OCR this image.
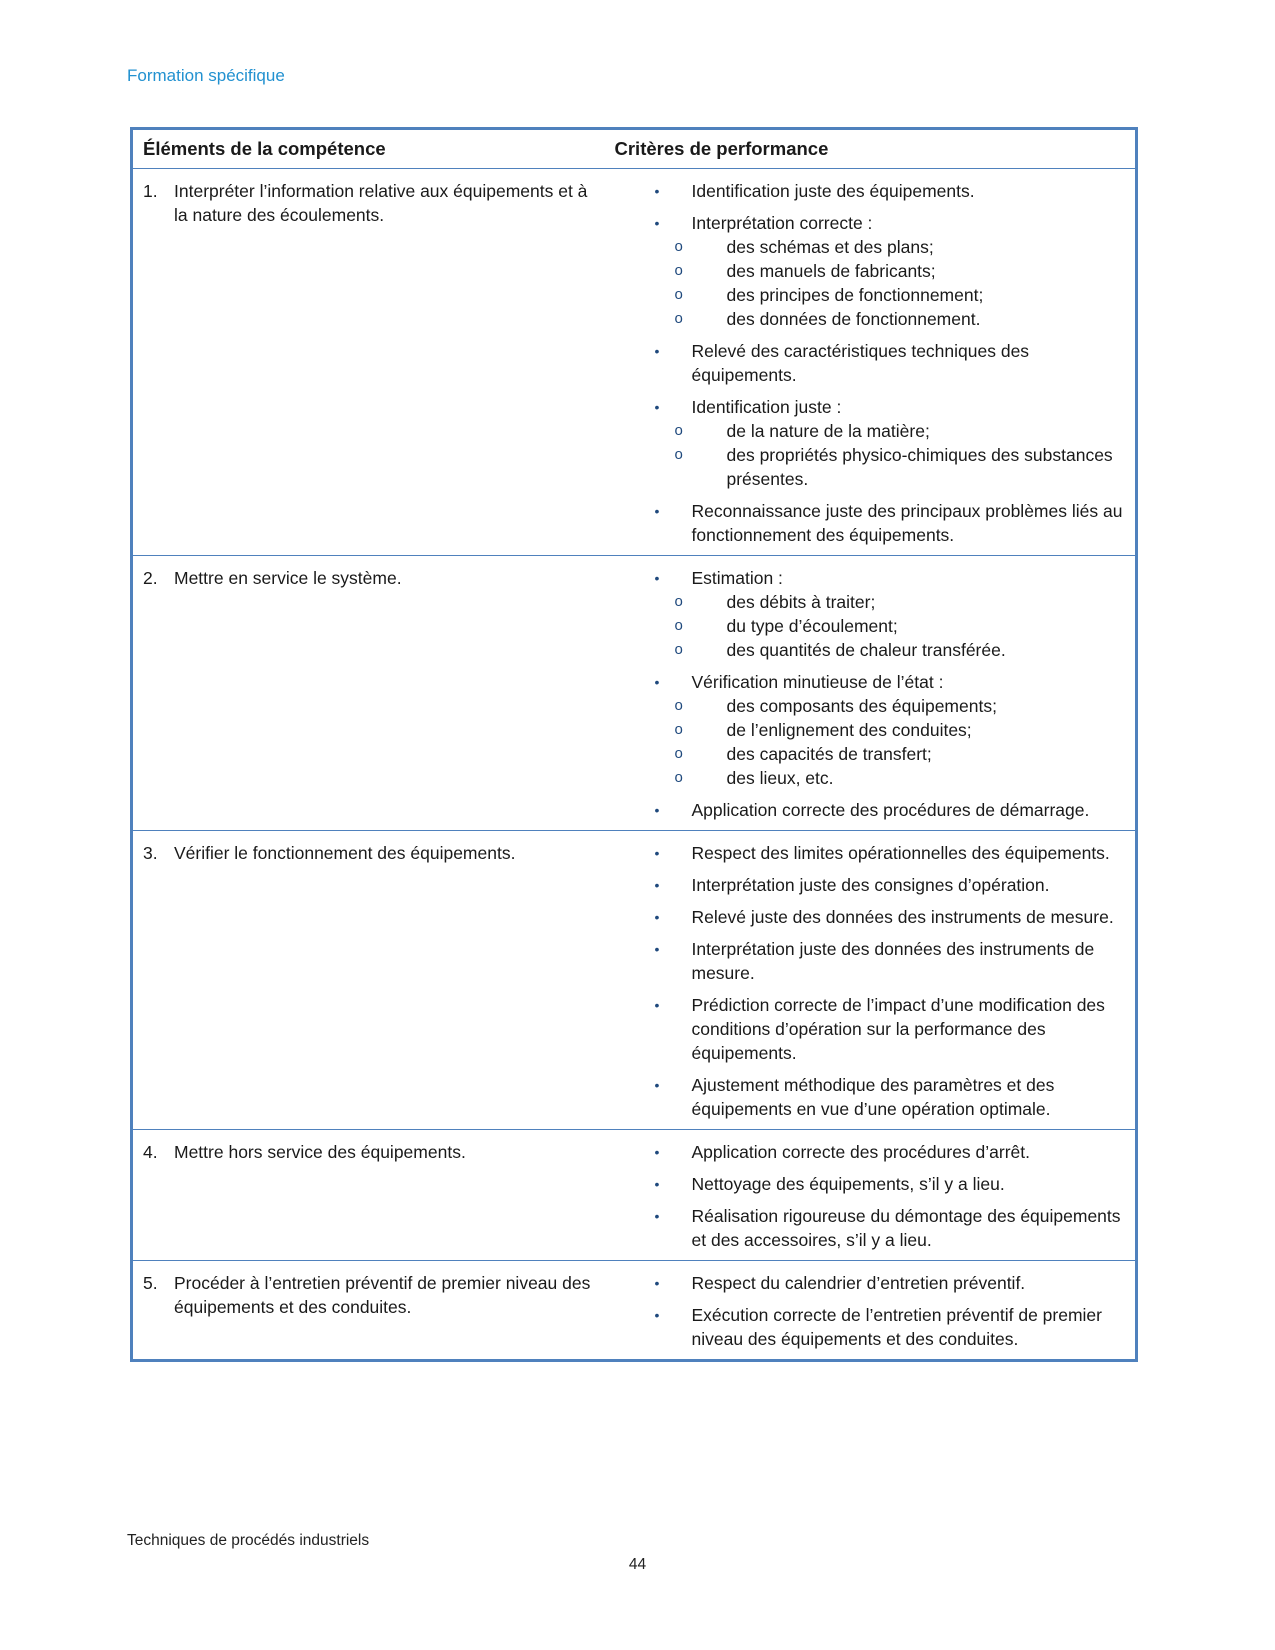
Formation spécifique
Éléments de la compétence	Critères de performance

1. Interpréter l’information relative aux équipements et à la nature des écoulements.

•	Identification juste des équipements.
•	Interprétation correcte :
o	des schémas et des plans;
o	des manuels de fabricants;
o	des principes de fonctionnement;
o	des données de fonctionnement.
•	Relevé des caractéristiques techniques des équipements.
•	Identification juste :
o	de la nature de la matière;
o	des propriétés physico-chimiques des substances présentes.
•	Reconnaissance juste des principaux problèmes liés au fonctionnement des équipements.

2. Mettre en service le système.	•	Estimation :
o	des débits à traiter;
o	du type d’écoulement;
o	des quantités de chaleur transférée.
•	Vérification minutieuse de l’état :
o	des composants des équipements;
o	de l’enlignement des conduites;
o	des capacités de transfert;
o	des lieux, etc.
•	Application correcte des procédures de démarrage.

3. Vérifier le fonctionnement des équipements.	•	Respect des limites opérationnelles des équipements.
•	Interprétation juste des consignes d’opération.
•	Relevé juste des données des instruments de mesure.
•	Interprétation juste des données des instruments de mesure.
•	Prédiction correcte de l’impact d’une modification des conditions d’opération sur la performance des équipements.
•	Ajustement méthodique des paramètres et des équipements en vue d’une opération optimale.

4. Mettre hors service des équipements.	•	Application correcte des procédures d’arrêt.
•	Nettoyage des équipements, s’il y a lieu.
•	Réalisation rigoureuse du démontage des équipements et des accessoires, s’il y a lieu.

5. Procéder à l’entretien préventif de premier niveau des équipements et des conduites.

•	Respect du calendrier d’entretien préventif.
•	Exécution correcte de l’entretien préventif de premier niveau des équipements et des conduites.
Techniques de procédés industriels
44
